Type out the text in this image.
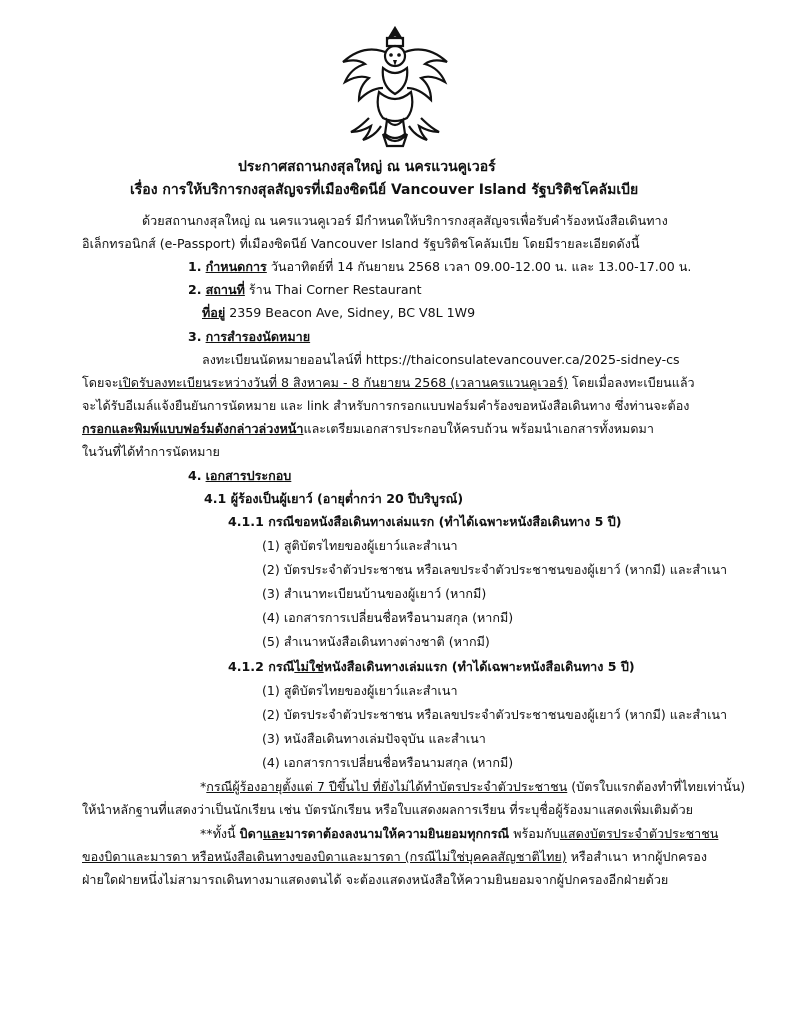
ประกาศสถานกงสุลใหญ่ ณ นครแวนคูเวอร์
เรื่อง การให้บริการกงสุลสัญจรที่เมืองซิดนีย์ Vancouver Island รัฐบริติชโคลัมเบีย
ด้วยสถานกงสุลใหญ่ ณ นครแวนคูเวอร์ มีกำหนดให้บริการกงสุลสัญจรเพื่อรับคำร้องหนังสือเดินทาง
อิเล็กทรอนิกส์ (e-Passport) ที่เมืองซิดนีย์ Vancouver Island รัฐบริติชโคลัมเบีย โดยมีรายละเอียดดังนี้
1. กำหนดการ วันอาทิตย์ที่ 14 กันยายน 2568 เวลา 09.00-12.00 น. และ 13.00-17.00 น.
2. สถานที่ ร้าน Thai Corner Restaurant
ที่อยู่ 2359 Beacon Ave, Sidney, BC V8L 1W9
3. การสำรองนัดหมาย
ลงทะเบียนนัดหมายออนไลน์ที่ https://thaiconsulatevancouver.ca/2025-sidney-cs
โดยจะเปิดรับลงทะเบียนระหว่างวันที่ 8 สิงหาคม - 8 กันยายน 2568 (เวลานครแวนคูเวอร์) โดยเมื่อลงทะเบียนแล้ว
จะได้รับอีเมล์แจ้งยืนยันการนัดหมาย และ link สำหรับการกรอกแบบฟอร์มคำร้องขอหนังสือเดินทาง ซึ่งท่านจะต้อง
กรอกและพิมพ์แบบฟอร์มดังกล่าวล่วงหน้าและเตรียมเอกสารประกอบให้ครบถ้วน พร้อมนำเอกสารทั้งหมดมา
ในวันที่ได้ทำการนัดหมาย
4. เอกสารประกอบ
4.1 ผู้ร้องเป็นผู้เยาว์ (อายุต่ำกว่า 20 ปีบริบูรณ์)
4.1.1 กรณีขอหนังสือเดินทางเล่มแรก (ทำได้เฉพาะหนังสือเดินทาง 5 ปี)
(1) สูติบัตรไทยของผู้เยาว์และสำเนา
(2) บัตรประจำตัวประชาชน หรือเลขประจำตัวประชาชนของผู้เยาว์ (หากมี) และสำเนา
(3) สำเนาทะเบียนบ้านของผู้เยาว์ (หากมี)
(4) เอกสารการเปลี่ยนชื่อหรือนามสกุล (หากมี)
(5) สำเนาหนังสือเดินทางต่างชาติ (หากมี)
4.1.2 กรณีไม่ใช่หนังสือเดินทางเล่มแรก (ทำได้เฉพาะหนังสือเดินทาง 5 ปี)
(1) สูติบัตรไทยของผู้เยาว์และสำเนา
(2) บัตรประจำตัวประชาชน หรือเลขประจำตัวประชาชนของผู้เยาว์ (หากมี) และสำเนา
(3) หนังสือเดินทางเล่มปัจจุบัน และสำเนา
(4) เอกสารการเปลี่ยนชื่อหรือนามสกุล (หากมี)
*กรณีผู้ร้องอายุตั้งแต่ 7 ปีขึ้นไป ที่ยังไม่ได้ทำบัตรประจำตัวประชาชน (บัตรใบแรกต้องทำที่ไทยเท่านั้น)
ให้นำหลักฐานที่แสดงว่าเป็นนักเรียน เช่น บัตรนักเรียน หรือใบแสดงผลการเรียน ที่ระบุชื่อผู้ร้องมาแสดงเพิ่มเติมด้วย
**ทั้งนี้ บิดาและมารดาต้องลงนามให้ความยินยอมทุกกรณี พร้อมกับแสดงบัตรประจำตัวประชาชน
ของบิดาและมารดา หรือหนังสือเดินทางของบิดาและมารดา (กรณีไม่ใช่บุคคลสัญชาติไทย) หรือสำเนา หากผู้ปกครอง
ฝ่ายใดฝ่ายหนึ่งไม่สามารถเดินทางมาแสดงตนได้ จะต้องแสดงหนังสือให้ความยินยอมจากผู้ปกครองอีกฝ่ายด้วย
